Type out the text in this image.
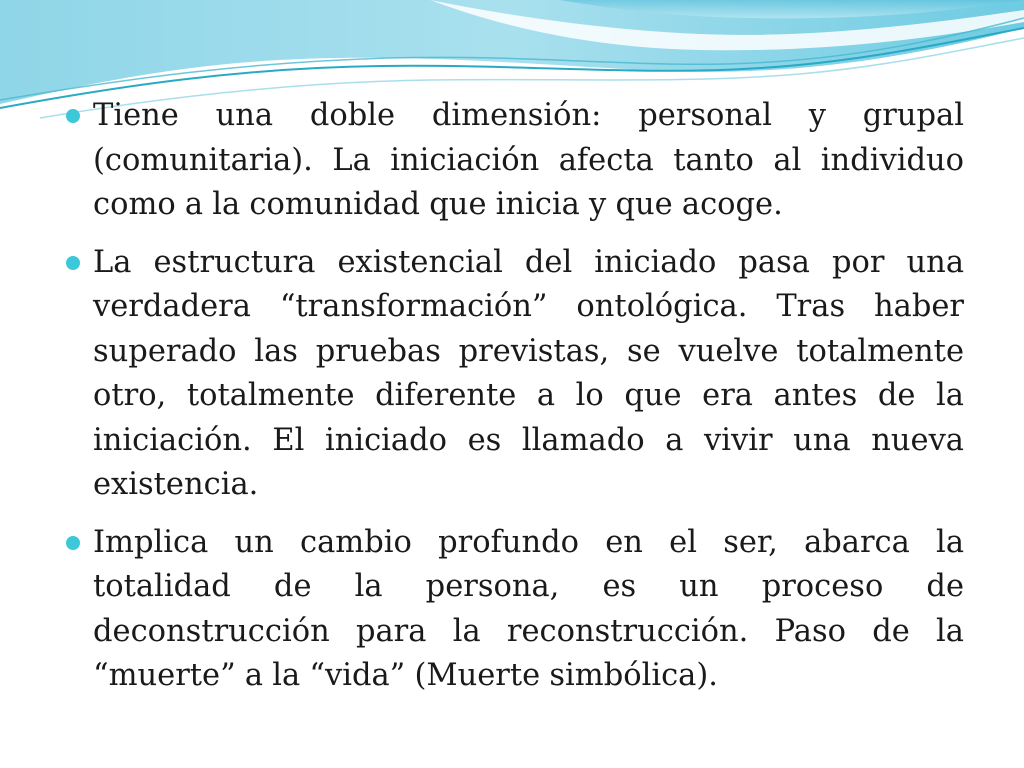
Tiene una doble dimensión: personal y grupal (comunitaria). La iniciación afecta tanto al individuo como a la comunidad que inicia y que acoge.
La estructura existencial del iniciado pasa por una verdadera “transformación” ontológica. Tras haber superado las pruebas previstas, se vuelve totalmente otro, totalmente diferente a lo que era antes de la iniciación. El iniciado es llamado a vivir una nueva existencia.
Implica un cambio profundo en el ser, abarca la totalidad de la persona, es un proceso de deconstrucción para la reconstrucción. Paso de la “muerte” a la “vida” (Muerte simbólica).
